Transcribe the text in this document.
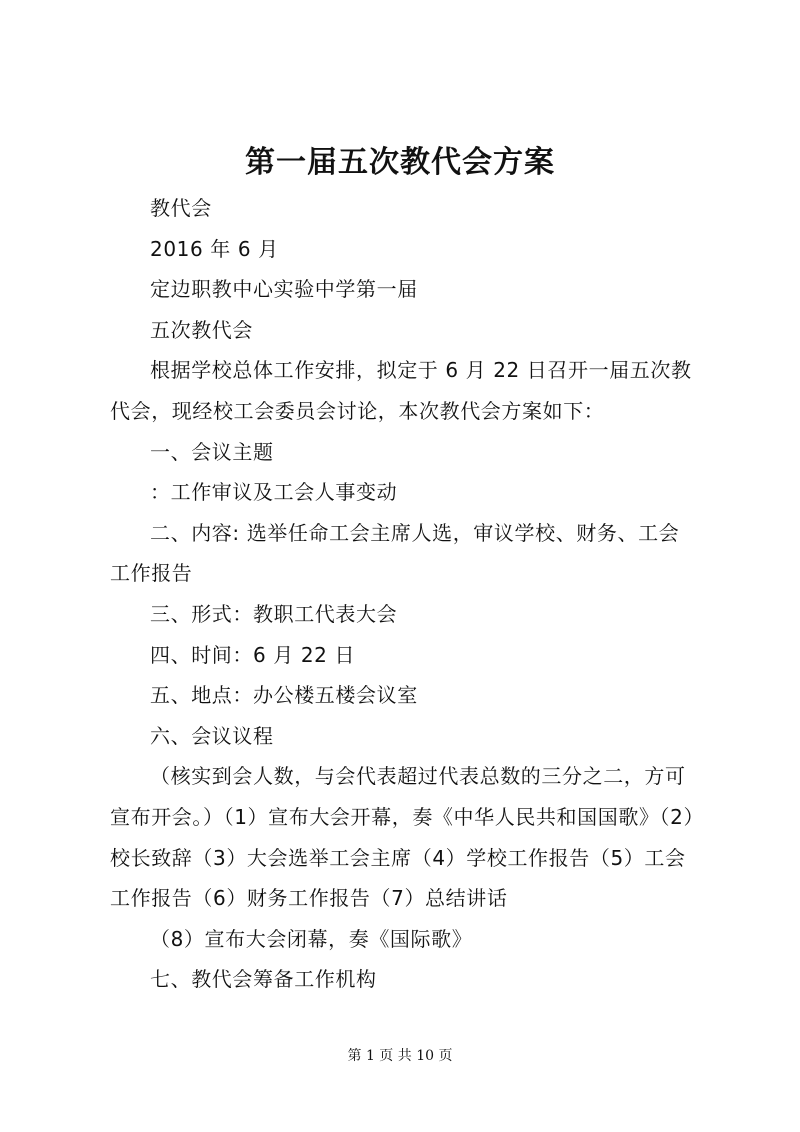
第一届五次教代会方案

教代会

2016 年 6 月

定边职教中心实验中学第一届

五次教代会

根据学校总体工作安排，拟定于 6 月 22 日召开一届五次教
代会，现经校工会委员会讨论，本次教代会方案如下：

一、会议主题

：工作审议及工会人事变动

二、内容: 选举任命工会主席人选，审议学校、财务、工会
工作报告

三、形式：教职工代表大会

四、时间：6 月 22 日

五、地点：办公楼五楼会议室

六、会议议程

（核实到会人数，与会代表超过代表总数的三分之二，方可
宣布开会。）（1）宣布大会开幕，奏《中华人民共和国国歌》（2）
校长致辞（3）大会选举工会主席（4）学校工作报告（5）工会
工作报告（6）财务工作报告（7）总结讲话

（8）宣布大会闭幕，奏《国际歌》

七、教代会筹备工作机构

第 1 页 共 10 页
